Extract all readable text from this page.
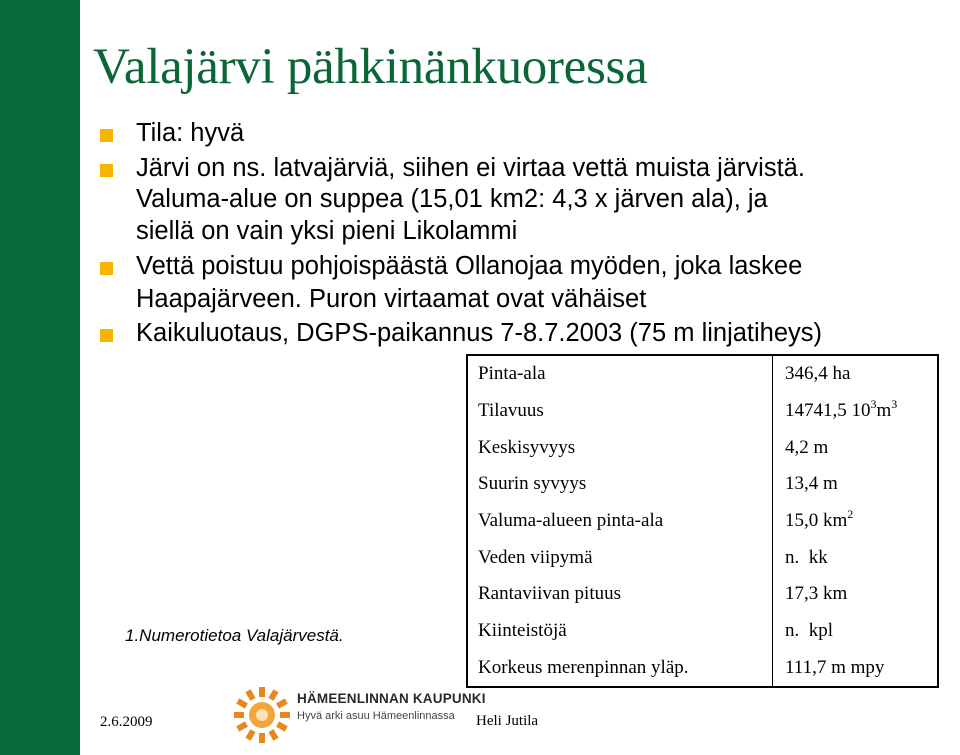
Valajärvi pähkinänkuoressa
Tila: hyvä
Järvi on ns. latvajärviä, siihen ei virtaa vettä muista järvistä.
Valuma-alue on suppea (15,01 km2: 4,3 x järven ala), ja
siellä on vain yksi pieni Likolammi
Vettä poistuu pohjoispäästä Ollanojaa myöden, joka laskee
Haapajärveen. Puron virtaamat ovat vähäiset
Kaikuluotaus, DGPS-paikannus 7-8.7.2003 (75 m linjatiheys)
Pinta-ala	346,4 ha
Tilavuus	14741,5 $10^3m^3$
Keskisyvyys	4,2 m
Suurin syvyys	13,4 m
Valuma-alueen pinta-ala	15,0 $km^2$
Veden viipymä	n.  kk
Rantaviivan pituus	17,3 km
Kiinteistöjä	n.  kpl
Korkeus merenpinnan yläp.	111,7 m mpy
1.Numerotietoa Valajärvestä.
2.6.2009
HÄMEENLINNAN KAUPUNKI
Hyvä arki asuu Hämeenlinnassa Heli Jutila
